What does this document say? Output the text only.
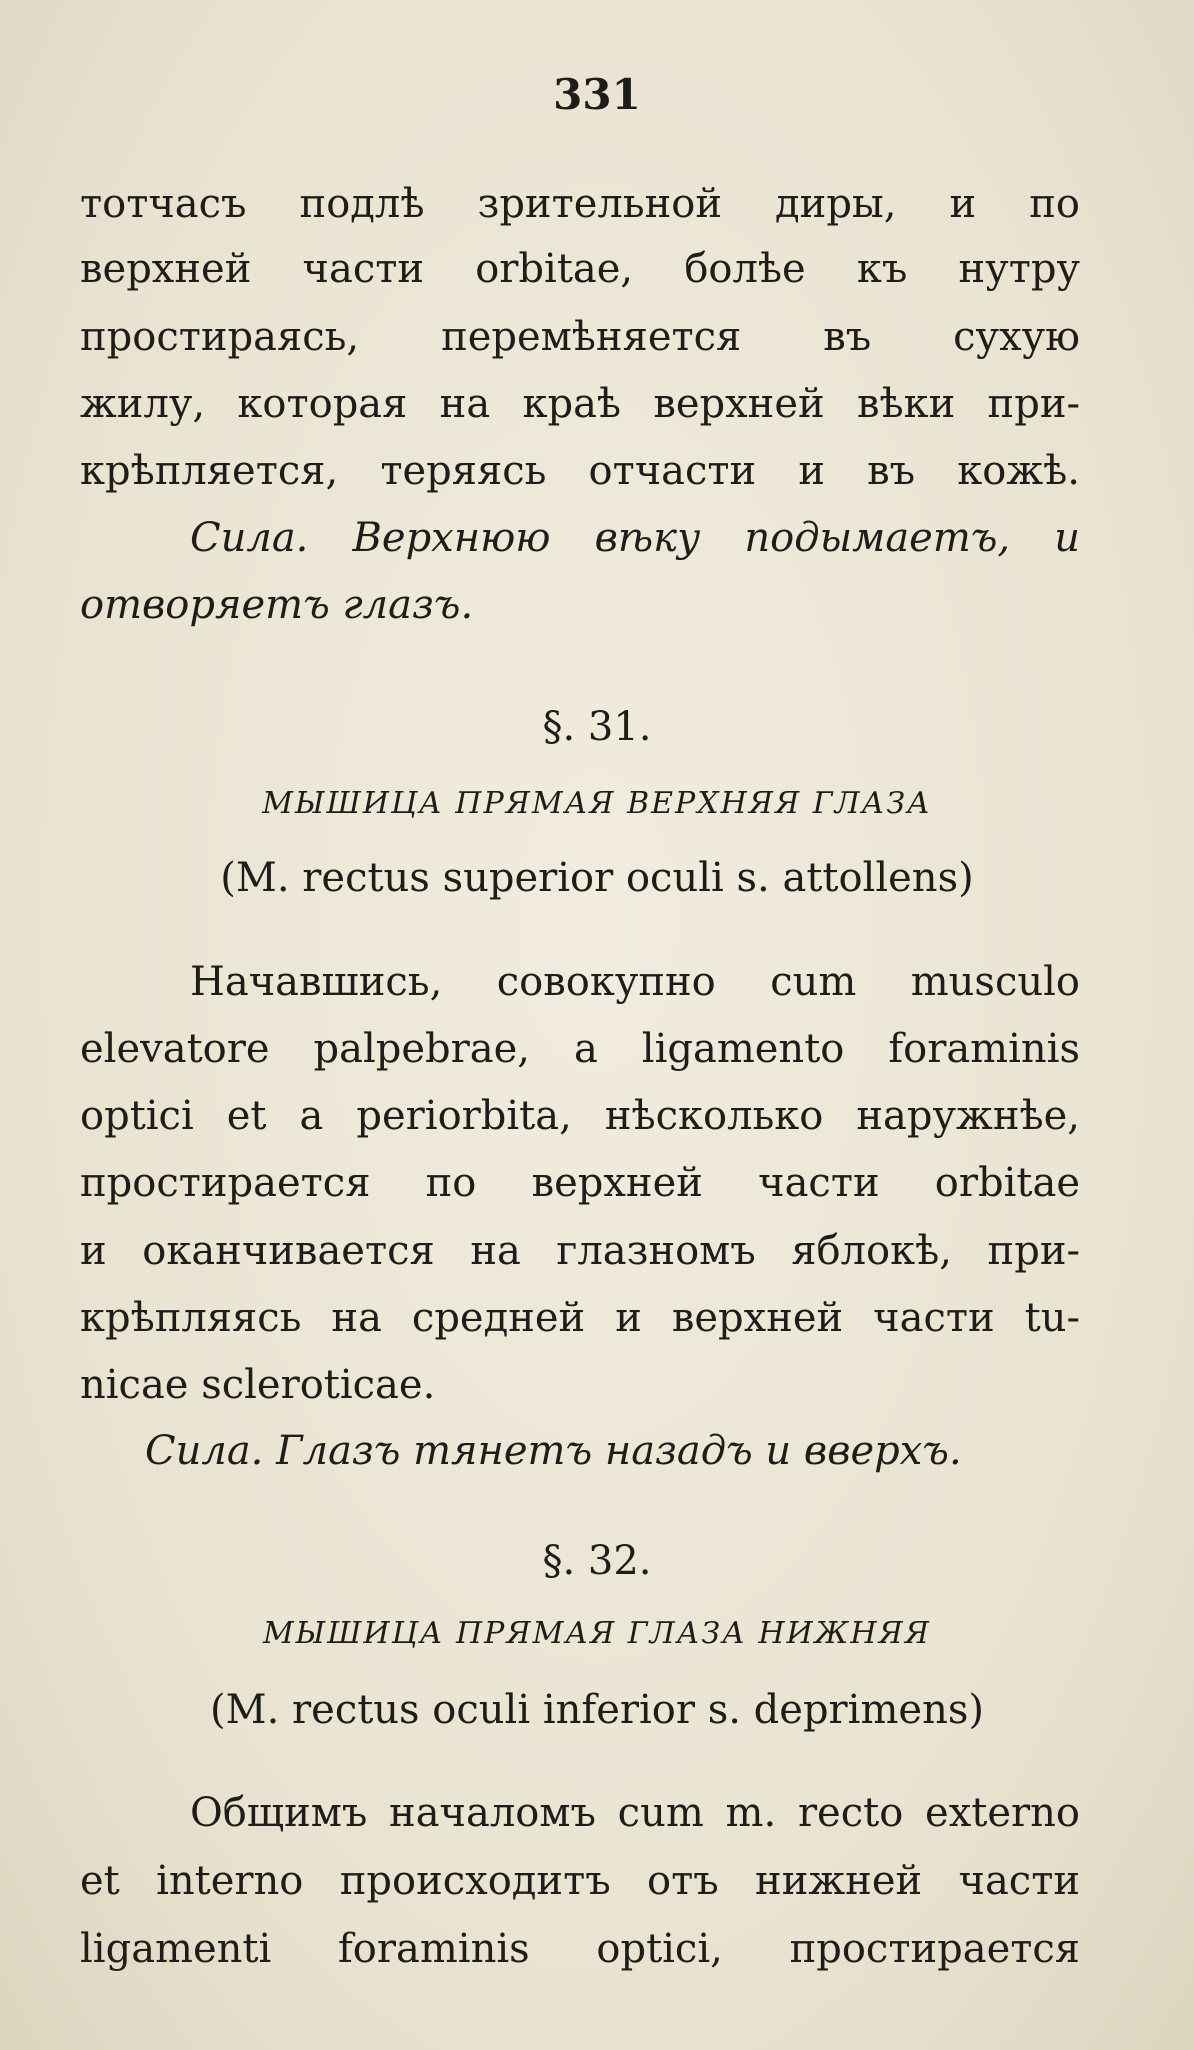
331
тотчасъ подлѣ зрительной диры, и по
верхней части orbitae, болѣе къ нутру
простираясь, перемѣняется въ сухую
жилу, которая на краѣ верхней вѣки при-
крѣпляется, теряясь отчасти и въ кожѣ.
Сила. Верхнюю вѣку подымаетъ, и
отворяетъ глазъ.
§. 31.
МЫШИЦА ПРЯМАЯ ВЕРХНЯЯ ГЛАЗА
(M. rectus superior oculi s. attollens)
Начавшись, совокупно cum musculo
elevatore palpebrae, a ligamento foraminis
optici et a periorbita, нѣсколько наружнѣе,
простирается по верхней части orbitae
и оканчивается на глазномъ яблокѣ, при-
крѣпляясь на средней и верхней части tu-
nicae scleroticae.
Сила. Глазъ тянетъ назадъ и вверхъ.
§. 32.
МЫШИЦА ПРЯМАЯ ГЛАЗА НИЖНЯЯ
(M. rectus oculi inferior s. deprimens)
Общимъ началомъ cum m. recto externo
et interno происходитъ отъ нижней части
ligamenti foraminis optici, простирается
